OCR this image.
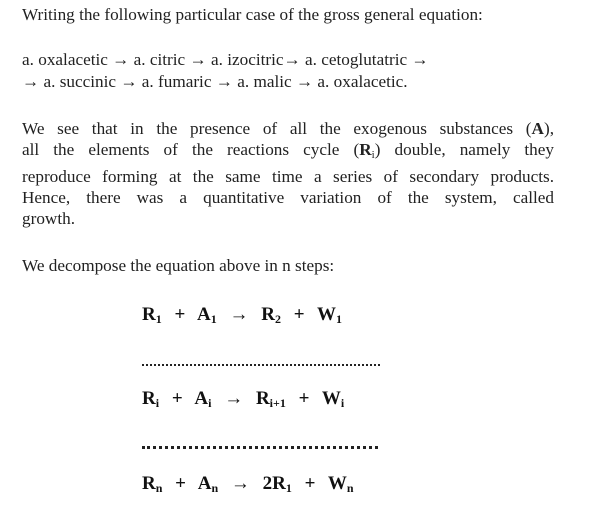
Writing the following particular case of the gross general equation:

a. oxalacetic → a. citric → a. izocitric→ a. cetoglutatric →

→ a. succinic → a. fumaric → a. malic → a. oxalacetic.

We see that in the presence of all the exogenous substances (A),
all the elements of the reactions cycle $(R_i)$ double, namely they
reproduce forming at the same time a series of secondary products.
Hence, there was a quantitative variation of the system, called
growth.

We decompose the equation above in n steps:

$R_1 + A_1 \to R_2 + W_1$
$R_i + A_i \to R_{i+1} + W_i$
$R_n + A_n \to 2R_1 + W_n$
